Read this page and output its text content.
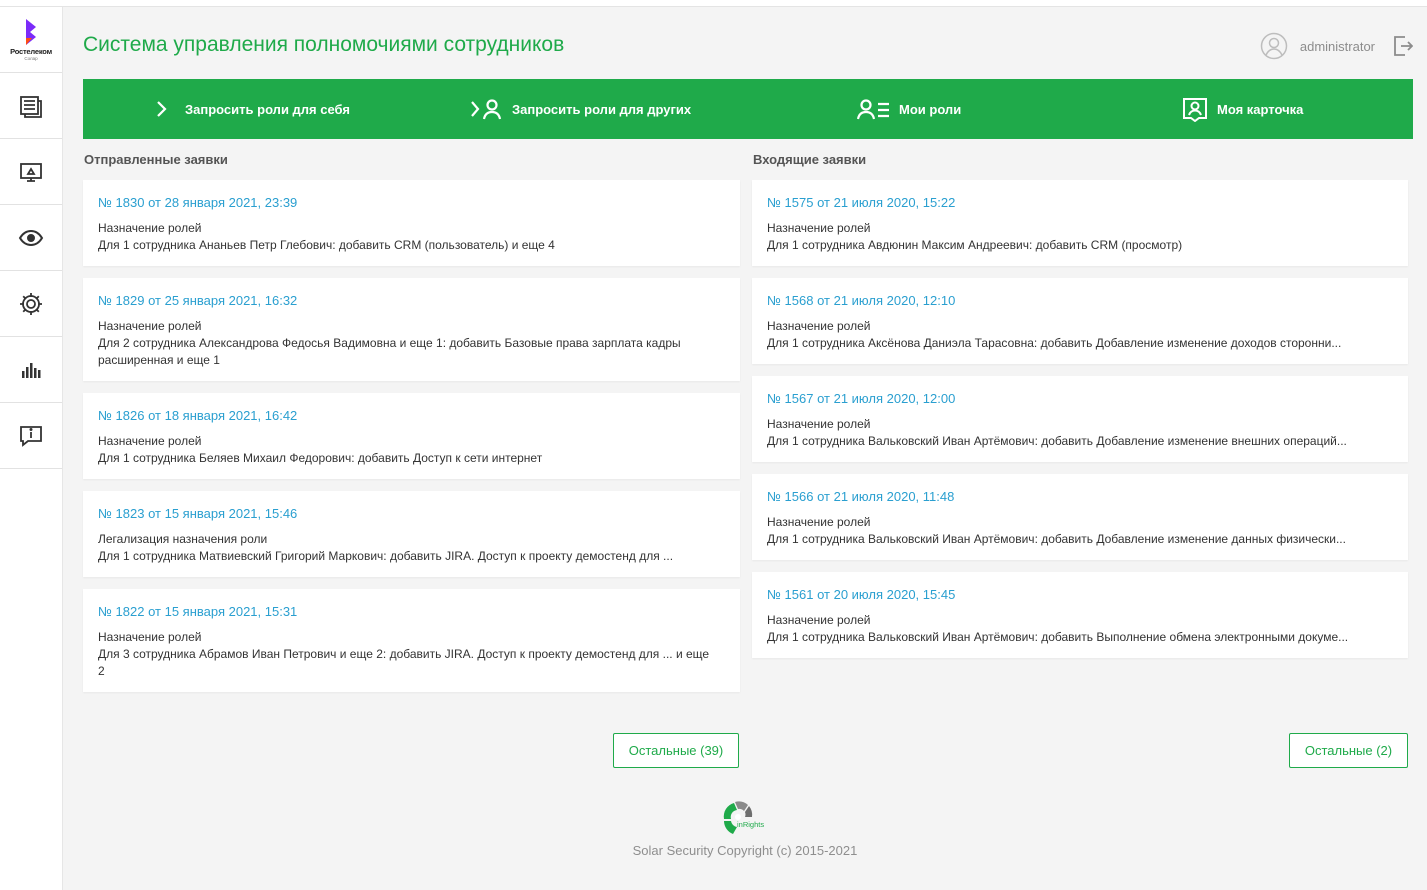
Ростелеком
Солар
Система управления полномочиями сотрудников	administrator
Запросить роли для себя	Запросить роли для других	Мои роли	Моя карточка
Отправленные заявки	Входящие заявки
№ 1830 от 28 января 2021, 23:39
Назначение ролей
Для 1 сотрудника Ананьев Петр Глебович: добавить CRM (пользователь) и еще 4
№ 1829 от 25 января 2021, 16:32
Назначение ролей
Для 2 сотрудника Александрова Федосья Вадимовна и еще 1: добавить Базовые права зарплата кадры расширенная и еще 1
№ 1826 от 18 января 2021, 16:42
Назначение ролей
Для 1 сотрудника Беляев Михаил Федорович: добавить Доступ к сети интернет
№ 1823 от 15 января 2021, 15:46
Легализация назначения роли
Для 1 сотрудника Матвиевский Григорий Маркович: добавить JIRA. Доступ к проекту демостенд для ...
№ 1822 от 15 января 2021, 15:31
Назначение ролей
Для 3 сотрудника Абрамов Иван Петрович и еще 2: добавить JIRA. Доступ к проекту демостенд для ... и еще 2
№ 1575 от 21 июля 2020, 15:22
Назначение ролей
Для 1 сотрудника Авдюнин Максим Андреевич: добавить CRM (просмотр)
№ 1568 от 21 июля 2020, 12:10
Назначение ролей
Для 1 сотрудника Аксёнова Даниэла Тарасовна: добавить Добавление изменение доходов сторонни...
№ 1567 от 21 июля 2020, 12:00
Назначение ролей
Для 1 сотрудника Вальковский Иван Артёмович: добавить Добавление изменение внешних операций...
№ 1566 от 21 июля 2020, 11:48
Назначение ролей
Для 1 сотрудника Вальковский Иван Артёмович: добавить Добавление изменение данных физически...
№ 1561 от 20 июля 2020, 15:45
Назначение ролей
Для 1 сотрудника Вальковский Иван Артёмович: добавить Выполнение обмена электронными докуме...
Остальные (39)	Остальные (2)
inRights
Solar Security Copyright (c) 2015-2021
